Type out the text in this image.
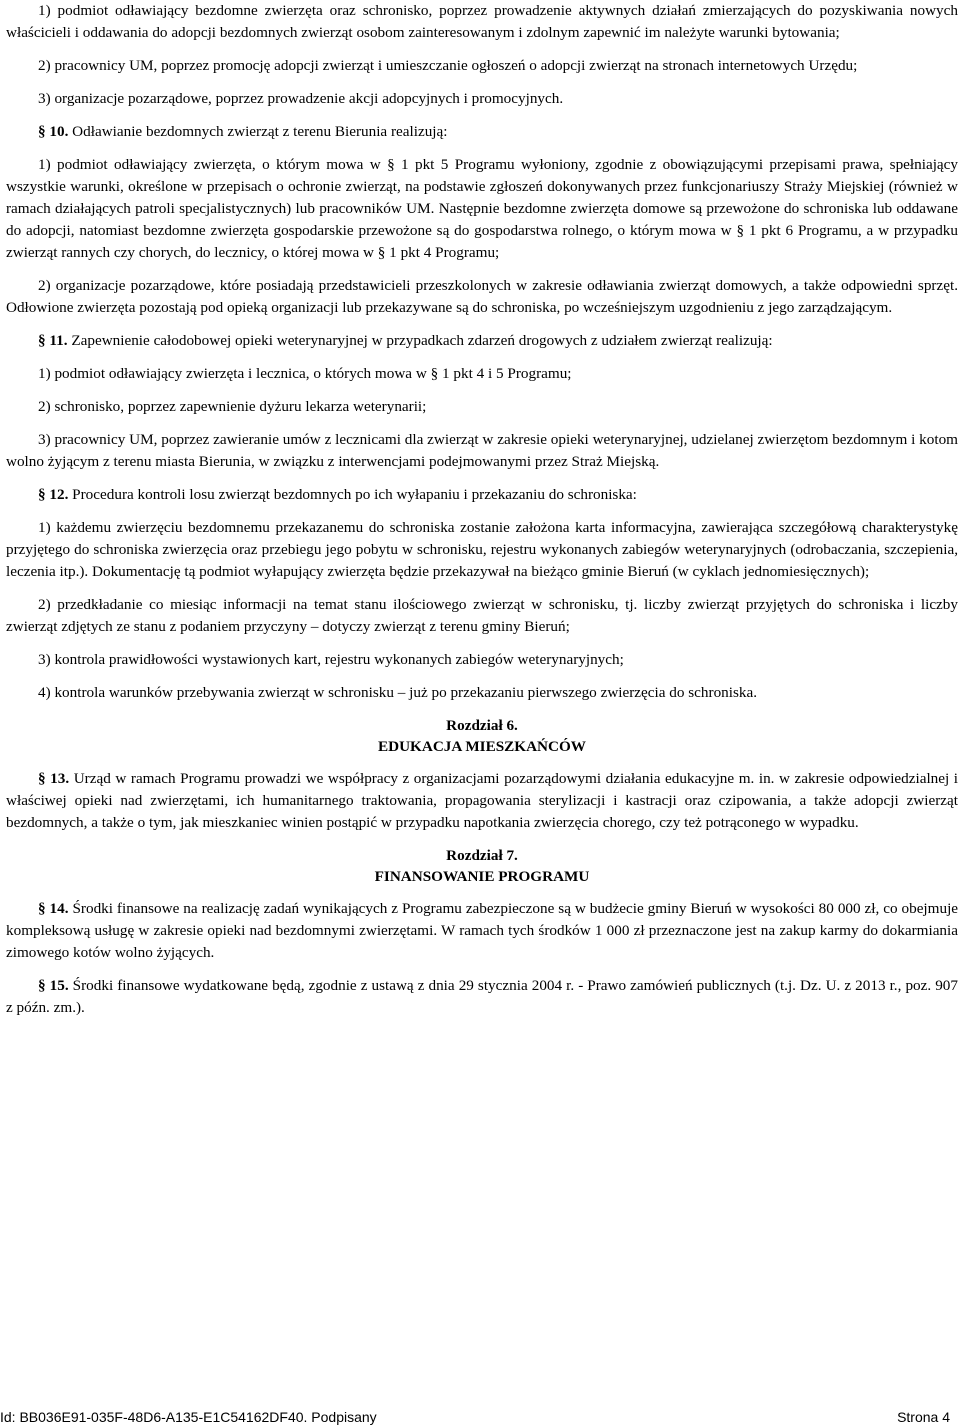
1) podmiot odławiający bezdomne zwierzęta oraz schronisko, poprzez prowadzenie aktywnych działań zmierzających do pozyskiwania nowych właścicieli i oddawania do adopcji bezdomnych zwierząt osobom zainteresowanym i zdolnym zapewnić im należyte warunki bytowania;

2) pracownicy UM, poprzez promocję adopcji zwierząt i umieszczanie ogłoszeń o adopcji zwierząt na stronach internetowych Urzędu;

3) organizacje pozarządowe, poprzez prowadzenie akcji adopcyjnych i promocyjnych.

§ 10. Odławianie bezdomnych zwierząt z terenu Bierunia realizują:

1) podmiot odławiający zwierzęta, o którym mowa w § 1 pkt 5 Programu wyłoniony, zgodnie z obowiązującymi przepisami prawa, spełniający wszystkie warunki, określone w przepisach o ochronie zwierząt, na podstawie zgłoszeń dokonywanych przez funkcjonariuszy Straży Miejskiej (również w ramach działających patroli specjalistycznych) lub pracowników UM. Następnie bezdomne zwierzęta domowe są przewożone do schroniska lub oddawane do adopcji, natomiast bezdomne zwierzęta gospodarskie przewożone są do gospodarstwa rolnego, o którym mowa w § 1 pkt 6 Programu, a w przypadku zwierząt rannych czy chorych, do lecznicy, o której mowa w § 1 pkt 4 Programu;

2) organizacje pozarządowe, które posiadają przedstawicieli przeszkolonych w zakresie odławiania zwierząt domowych, a także odpowiedni sprzęt. Odłowione zwierzęta pozostają pod opieką organizacji lub przekazywane są do schroniska, po wcześniejszym uzgodnieniu z jego zarządzającym.

§ 11. Zapewnienie całodobowej opieki weterynaryjnej w przypadkach zdarzeń drogowych z udziałem zwierząt realizują:

1) podmiot odławiający zwierzęta i lecznica, o których mowa w § 1 pkt 4 i 5 Programu;

2) schronisko, poprzez zapewnienie dyżuru lekarza weterynarii;

3) pracownicy UM, poprzez zawieranie umów z lecznicami dla zwierząt w zakresie opieki weterynaryjnej, udzielanej zwierzętom bezdomnym i kotom wolno żyjącym z terenu miasta Bierunia, w związku z interwencjami podejmowanymi przez Straż Miejską.

§ 12. Procedura kontroli losu zwierząt bezdomnych po ich wyłapaniu i przekazaniu do schroniska:

1) każdemu zwierzęciu bezdomnemu przekazanemu do schroniska zostanie założona karta informacyjna, zawierająca szczegółową charakterystykę przyjętego do schroniska zwierzęcia oraz przebiegu jego pobytu w schronisku, rejestru wykonanych zabiegów weterynaryjnych (odrobaczania, szczepienia, leczenia itp.). Dokumentację tą podmiot wyłapujący zwierzęta będzie przekazywał na bieżąco gminie Bieruń (w cyklach jednomiesięcznych);

2) przedkładanie co miesiąc informacji na temat stanu ilościowego zwierząt w schronisku, tj. liczby zwierząt przyjętych do schroniska i liczby zwierząt zdjętych ze stanu z podaniem przyczyny – dotyczy zwierząt z terenu gminy Bieruń;

3) kontrola prawidłowości wystawionych kart, rejestru wykonanych zabiegów weterynaryjnych;

4) kontrola warunków przebywania zwierząt w schronisku – już po przekazaniu pierwszego zwierzęcia do schroniska.

Rozdział 6.
EDUKACJA MIESZKAŃCÓW

§ 13. Urząd w ramach Programu prowadzi we współpracy z organizacjami pozarządowymi działania edukacyjne m. in. w zakresie odpowiedzialnej i właściwej opieki nad zwierzętami, ich humanitarnego traktowania, propagowania sterylizacji i kastracji oraz czipowania, a także adopcji zwierząt bezdomnych, a także o tym, jak mieszkaniec winien postąpić w przypadku napotkania zwierzęcia chorego, czy też potrąconego w wypadku.

Rozdział 7.
FINANSOWANIE PROGRAMU

§ 14. Środki finansowe na realizację zadań wynikających z Programu zabezpieczone są w budżecie gminy Bieruń w wysokości 80 000 zł, co obejmuje kompleksową usługę w zakresie opieki nad bezdomnymi zwierzętami. W ramach tych środków 1 000 zł przeznaczone jest na zakup karmy do dokarmiania zimowego kotów wolno żyjących.

§ 15. Środki finansowe wydatkowane będą, zgodnie z ustawą z dnia 29 stycznia 2004 r. - Prawo zamówień publicznych (t.j. Dz. U. z 2013 r., poz. 907 z późn. zm.).

Id: BB036E91-035F-48D6-A135-E1C54162DF40. Podpisany	Strona 4
